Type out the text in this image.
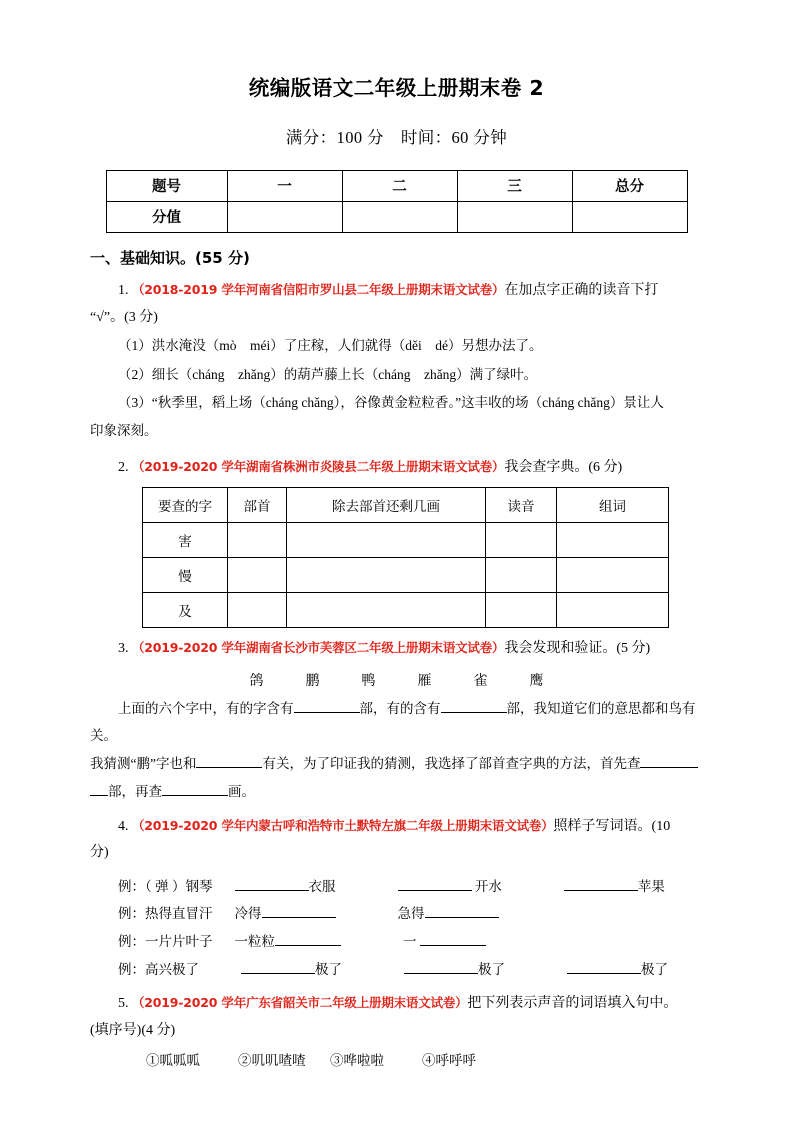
统编版语文二年级上册期末卷 2
满分：100 分　时间：60 分钟
题号	一	二	三	总分
分值				
一、基础知识。(55 分)

1. （2018-2019 学年河南省信阳市罗山县二年级上册期末语文试卷）在加点字正确的读音下打

“√”。(3 分)

（1）洪水淹没（mò méi）了庄稼，人们就得（děi dé）另想办法了。

（2）细长（cháng zhǎng）的葫芦藤上长（cháng zhǎng）满了绿叶。

（3）“秋季里，稻上场（cháng chǎng），谷像黄金粒粒香。”这丰收的场（cháng chǎng）景让人

印象深刻。

2. （2019-2020 学年湖南省株洲市炎陵县二年级上册期末语文试卷）我会查字典。(6 分)

要查的字	部首	除去部首还剩几画	读音	组词
害				
慢				
及				

3. （2019-2020 学年湖南省长沙市芙蓉区二年级上册期末语文试卷）我会发现和验证。(5 分)

鸽　鹏　鸭　雁　雀　鹰

上面的六个字中，有的字含有	部，有的含有	部，我知道它们的意思都和鸟有关。

我猜测“鹏”字也和	有关，为了印证我的猜测，我选择了部首查字典的方法，首先查

部，再查	画。

4. （2019-2020 学年内蒙古呼和浩特市土默特左旗二年级上册期末语文试卷）照样子写词语。(10

分)

例：（ 弹 ）钢琴	衣服	开水	苹果

例：热得直冒汗 冷得	急得

例：一片片叶子 一粒粒	一

例：高兴极了	极了	极了	极了

5. （2019-2020 学年广东省韶关市二年级上册期末语文试卷）把下列表示声音的词语填入句中。

(填序号)(4 分)

①呱呱呱	②叽叽喳喳 ③哗啦啦	④呼呼呼
